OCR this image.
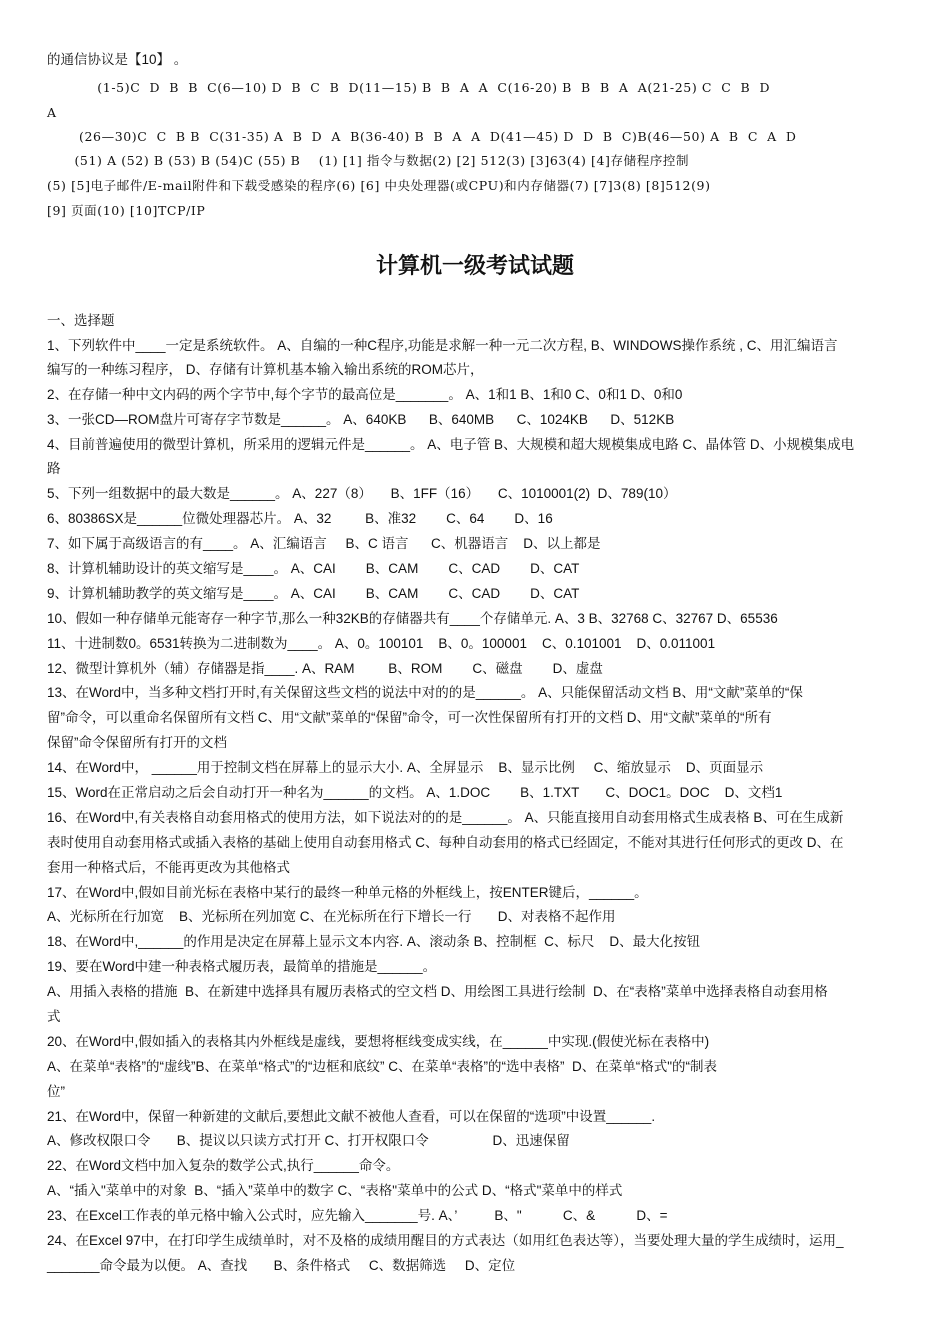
的通信协议是【10】 。
(1-5)C  D  B  B  C(6—10) D  B  C  B  D(11—15) B  B  A  A  C(16-20) B  B  B  A  A(21-25) C  C  B  D
A
(26—30)C  C  B B  C(31-35) A  B  D  A  B(36-40) B  B  A  A  D(41—45) D  D  B  C)B(46—50) A  B  C  A  D
(51) A (52) B (53) B (54)C (55) B    (1) [1] 指令与数据(2) [2] 512(3) [3]63(4) [4]存储程序控制
(5) [5]电子邮件/E-mail附件和下载受感染的程序(6) [6] 中央处理器(或CPU)和内存储器(7) [7]3(8) [8]512(9)
[9] 页面(10) [10]TCP/IP
计算机一级考试试题
一、选择题
1、下列软件中____一定是系统软件。 A、自编的一种C程序,功能是求解一种一元二次方程, B、WINDOWS操作系统 , C、用汇编语言
编写的一种练习程序， D、存储有计算机基本输入输出系统的ROM芯片，
2、在存储一种中文内码的两个字节中,每个字节的最高位是_______。 A、1和1 B、1和0 C、0和1 D、0和0
3、一张CD—ROM盘片可寄存字节数是______。 A、640KB      B、640MB      C、1024KB      D、512KB
4、目前普遍使用的微型计算机，所采用的逻辑元件是______。 A、电子管 B、大规模和超大规模集成电路 C、晶体管 D、小规模集成电
路
5、下列一组数据中的最大数是______。 A、227（8）     B、1FF（16）     C、1010001(2)  D、789(10）
6、80386SX是______位微处理器芯片。 A、32         B、准32        C、64        D、16
7、如下属于高级语言的有____。 A、汇编语言     B、C 语言      C、机器语言    D、以上都是
8、计算机辅助设计的英文缩写是____。 A、CAI        B、CAM        C、CAD        D、CAT
9、计算机辅助教学的英文缩写是____。 A、CAI        B、CAM        C、CAD        D、CAT
10、假如一种存储单元能寄存一种字节,那么一种32KB的存储器共有____个存储单元. A、3 B、32768 C、32767 D、65536
11、十进制数0。6531转换为二进制数为____。 A、0。100101    B、0。100001    C、0.101001    D、0.011001
12、微型计算机外（辅）存储器是指____. A、RAM         B、ROM        C、磁盘        D、虚盘
13、在Word中，当多种文档打开时,有关保留这些文档的说法中对的的是______。 A、只能保留活动文档 B、用“文献”菜单的“保
留”命令，可以重命名保留所有文档 C、用“文献”菜单的“保留”命令，可一次性保留所有打开的文档 D、用“文献”菜单的“所有
保留”命令保留所有打开的文档
14、在Word中， ______用于控制文档在屏幕上的显示大小. A、全屏显示    B、显示比例     C、缩放显示    D、页面显示
15、Word在正常启动之后会自动打开一种名为______的文档。 A、1.DOC        B、1.TXT       C、DOC1。DOC    D、文档1
16、在Word中,有关表格自动套用格式的使用方法，如下说法对的的是______。 A、只能直接用自动套用格式生成表格 B、可在生成新
表时使用自动套用格式或插入表格的基础上使用自动套用格式 C、每种自动套用的格式已经固定，不能对其进行任何形式的更改 D、在
套用一种格式后，不能再更改为其他格式
17、在Word中,假如目前光标在表格中某行的最终一种单元格的外框线上，按ENTER键后，______。
A、光标所在行加宽    B、光标所在列加宽 C、在光标所在行下增长一行       D、对表格不起作用
18、在Word中,______的作用是决定在屏幕上显示文本内容. A、滚动条 B、控制框  C、标尺    D、最大化按钮
19、要在Word中建一种表格式履历表，最简单的措施是______。
A、用插入表格的措施  B、在新建中选择具有履历表格式的空文档 D、用绘图工具进行绘制  D、在“表格”菜单中选择表格自动套用格
式
20、在Word中,假如插入的表格其内外框线是虚线，要想将框线变成实线，在______中实现.(假使光标在表格中)
A、在菜单“表格”的“虚线”B、在菜单“格式”的“边框和底纹” C、在菜单“表格”的“选中表格”  D、在菜单“格式"的“制表
位”
21、在Word中，保留一种新建的文献后,要想此文献不被他人查看，可以在保留的“选项”中设置______.
A、修改权限口令       B、提议以只读方式打开 C、打开权限口令                 D、迅速保留
22、在Word文档中加入复杂的数学公式,执行______命令。
A、“插入"菜单中的对象  B、“插入”菜单中的数字 C、“表格"菜单中的公式 D、“格式"菜单中的样式
23、在Excel工作表的单元格中输入公式时，应先输入_______号. A、’          B、"           C、&           D、=
24、在Excel 97中，在打印学生成绩单时，对不及格的成绩用醒目的方式表达（如用红色表达等），当要处理大量的学生成绩时，运用_
_______命令最为以便。 A、查找       B、条件格式     C、数据筛选     D、定位
